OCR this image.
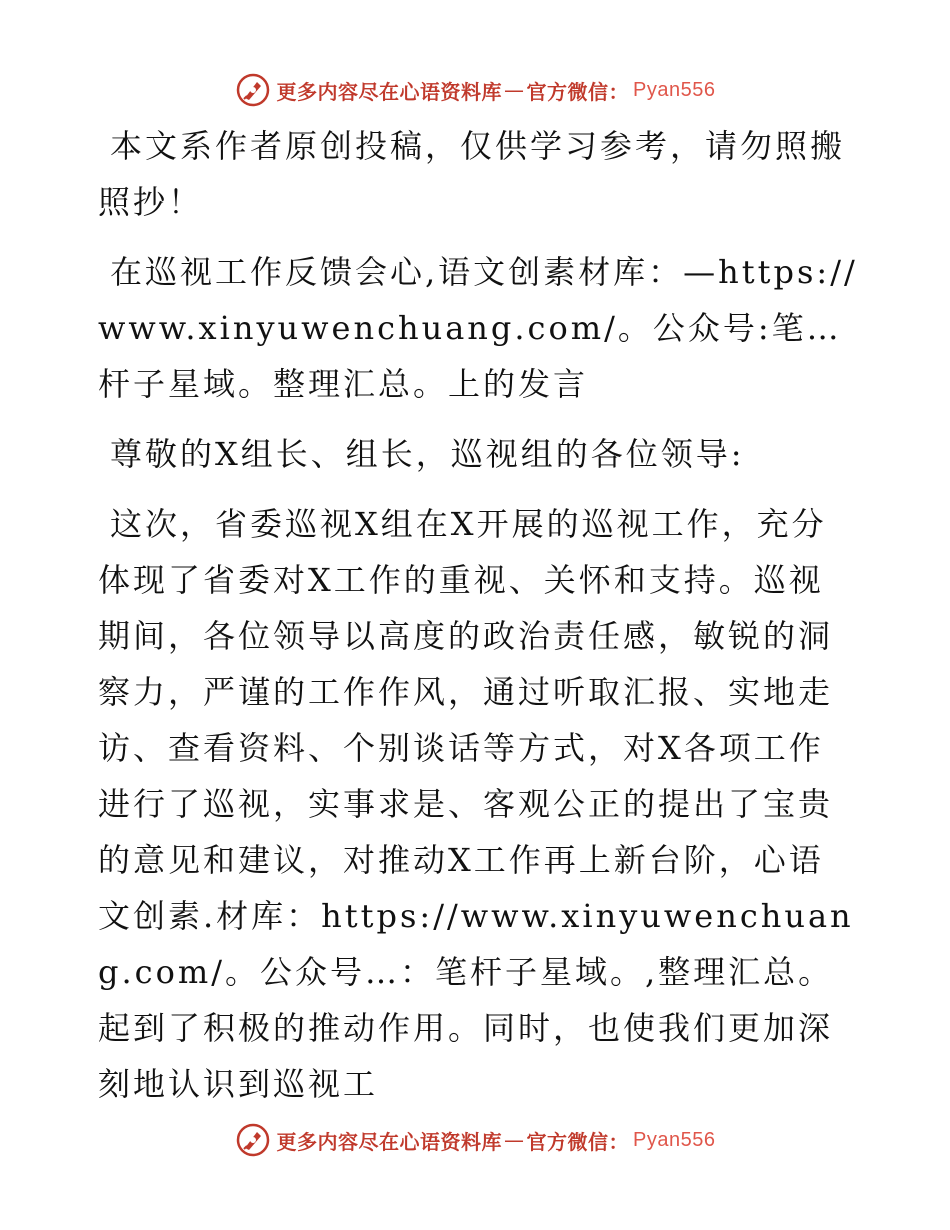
更多内容尽在心语资料库 — 官方微信： Pyan556

本文系作者原创投稿，仅供学习参考，请勿照搬照抄！

在巡视工作反馈会心,语文创素材库：—https://www.xinyuwenchuang.com/。公众号:笔…杆子星域。整理汇总。上的发言

尊敬的X组长、组长，巡视组的各位领导:

这次，省委巡视X组在X开展的巡视工作，充分体现了省委对X工作的重视、关怀和支持。巡视期间，各位领导以高度的政治责任感，敏锐的洞察力，严谨的工作作风，通过听取汇报、实地走访、查看资料、个别谈话等方式，对X各项工作进行了巡视，实事求是、客观公正的提出了宝贵的意见和建议，对推动X工作再上新台阶，心语文创素.材库：https://www.xinyuwenchuang.com/。公众号…：笔杆子星域。,整理汇总。起到了积极的推动作用。同时，也使我们更加深刻地认识到巡视工

更多内容尽在心语资料库 — 官方微信： Pyan556
